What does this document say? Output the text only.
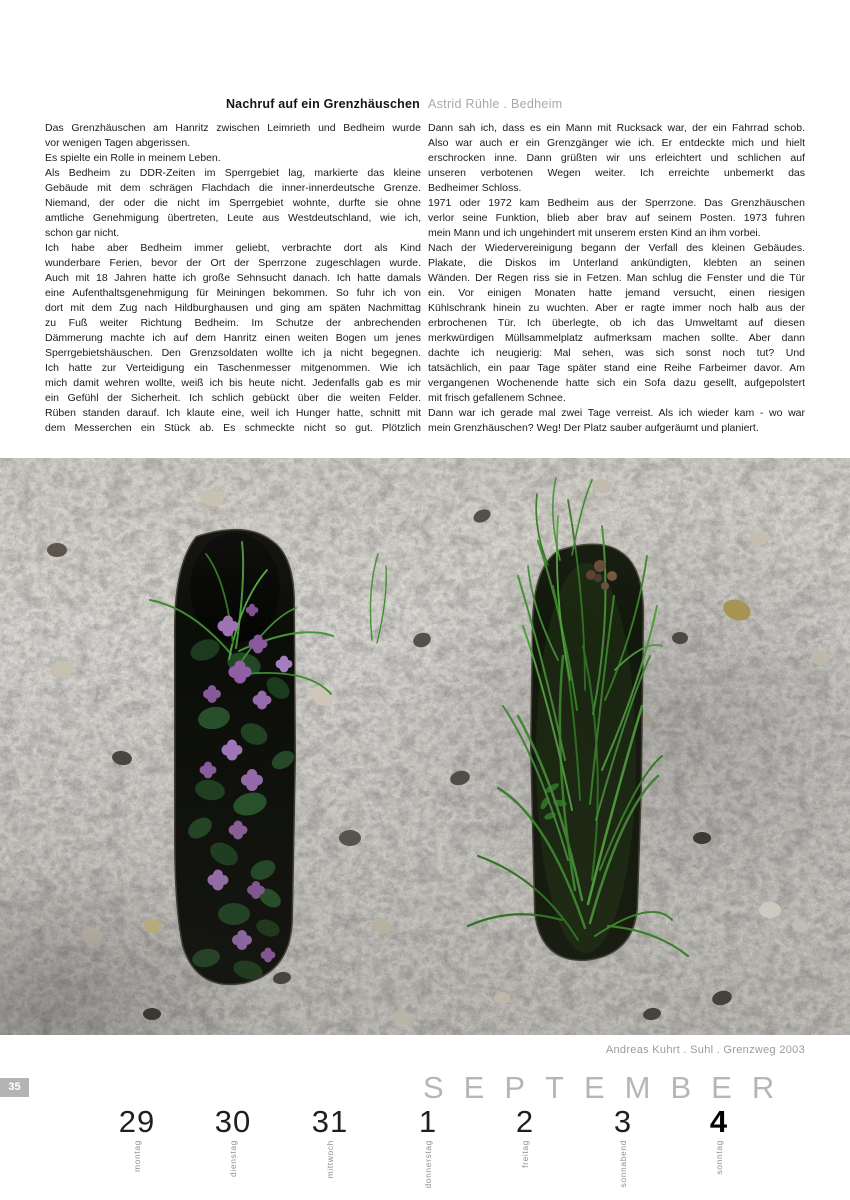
Nachruf auf ein Grenzhäuschen Astrid Rühle . Bedheim
Das Grenzhäuschen am Hanritz zwischen Leimrieth und Bedheim wurde
vor wenigen Tagen abgerissen.
Es spielte ein Rolle in meinem Leben.
Als Bedheim zu DDR-Zeiten im Sperrgebiet lag, markierte das kleine
Gebäude mit dem schrägen Flachdach die inner-innerdeutsche Grenze.
Niemand, der oder die nicht im Sperrgebiet wohnte, durfte sie ohne
amtliche Genehmigung übertreten, Leute aus Westdeutschland, wie ich,
schon gar nicht.
Ich habe aber Bedheim immer geliebt, verbrachte dort als Kind
wunderbare Ferien, bevor der Ort der Sperrzone zugeschlagen wurde.
Auch mit 18 Jahren hatte ich große Sehnsucht danach. Ich hatte damals
eine Aufenthaltsgenehmigung für Meiningen bekommen. So fuhr ich von
dort mit dem Zug nach Hildburghausen und ging am späten Nachmittag
zu Fuß weiter Richtung Bedheim. Im Schutze der anbrechenden
Dämmerung machte ich auf dem Hanritz einen weiten Bogen um jenes
Sperrgebietshäuschen. Den Grenzsoldaten wollte ich ja nicht begegnen.
Ich hatte zur Verteidigung ein Taschenmesser mitgenommen. Wie ich
mich damit wehren wollte, weiß ich bis heute nicht. Jedenfalls gab es mir
ein Gefühl der Sicherheit. Ich schlich gebückt über die weiten Felder.
Rüben standen darauf. Ich klaute eine, weil ich Hunger hatte, schnitt mit
dem Messerchen ein Stück ab. Es schmeckte nicht so gut. Plötzlich
Dann sah ich, dass es ein Mann mit Rucksack war, der ein Fahrrad schob.
Also war auch er ein Grenzgänger wie ich. Er entdeckte mich und hielt
erschrocken inne. Dann grüßten wir uns erleichtert und schlichen auf
unseren verbotenen Wegen weiter. Ich erreichte unbemerkt das
Bedheimer Schloss.
1971 oder 1972 kam Bedheim aus der Sperrzone. Das Grenzhäuschen
verlor seine Funktion, blieb aber brav auf seinem Posten. 1973 fuhren
mein Mann und ich ungehindert mit unserem ersten Kind an ihm vorbei.
Nach der Wiedervereinigung begann der Verfall des kleinen Gebäudes.
Plakate, die Diskos im Unterland ankündigten, klebten an seinen
Wänden. Der Regen riss sie in Fetzen. Man schlug die Fenster und die Tür
ein. Vor einigen Monaten hatte jemand versucht, einen riesigen
Kühlschrank hinein zu wuchten. Aber er ragte immer noch halb aus der
erbrochenen Tür. Ich überlegte, ob ich das Umweltamt auf diesen
merkwürdigen Müllsammelplatz aufmerksam machen sollte. Aber dann
dachte ich neugierig: Mal sehen, was sich sonst noch tut? Und
tatsächlich, ein paar Tage später stand eine Reihe Farbeimer davor. Am
vergangenen Wochenende hatte sich ein Sofa dazu gesellt, aufgepolstert
mit frisch gefallenem Schnee.
Dann war ich gerade mal zwei Tage verreist. Als ich wieder kam - wo war
mein Grenzhäuschen? Weg! Der Platz sauber aufgeräumt und planiert.
Andreas Kuhrt . Suhl . Grenzweg 2003
35	SEPTEMBER
29
montag
30
dienstag
31
mittwoch
1
donnerstag
2
freitag
3
sonnabend
4
sonntag
